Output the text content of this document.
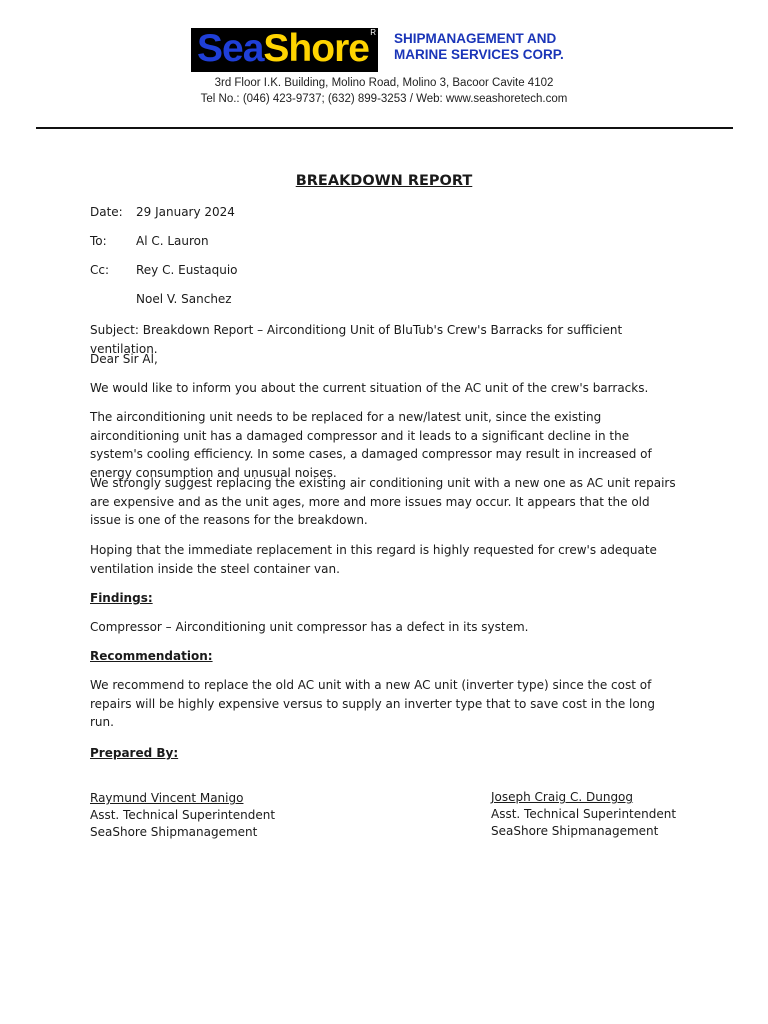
SeaShore R SHIPMANAGEMENT AND
MARINE SERVICES CORP.
3rd Floor I.K. Building, Molino Road, Molino 3, Bacoor Cavite 4102
Tel No.: (046) 423-9737; (632) 899-3253 / Web: www.seashoretech.com
BREAKDOWN REPORT
Date: 29 January 2024
To: Al C. Lauron
Cc: Rey C. Eustaquio
Noel V. Sanchez
Subject: Breakdown Report – Airconditiong Unit of BluTub's Crew's Barracks for sufficient ventilation.
Dear Sir Al,
We would like to inform you about the current situation of the AC unit of the crew's barracks.
The airconditioning unit needs to be replaced for a new/latest unit, since the existing airconditioning unit has a damaged compressor and it leads to a significant decline in the system's cooling efficiency. In some cases, a damaged compressor may result in increased of energy consumption and unusual noises.
We strongly suggest replacing the existing air conditioning unit with a new one as AC unit repairs are expensive and as the unit ages, more and more issues may occur. It appears that the old issue is one of the reasons for the breakdown.
Hoping that the immediate replacement in this regard is highly requested for crew's adequate ventilation inside the steel container van.
Findings:
Compressor – Airconditioning unit compressor has a defect in its system.
Recommendation:
We recommend to replace the old AC unit with a new AC unit (inverter type) since the cost of repairs will be highly expensive versus to supply an inverter type that to save cost in the long run.
Prepared By:
Raymund Vincent Manigo
Asst. Technical Superintendent
SeaShore Shipmanagement
Joseph Craig C. Dungog
Asst. Technical Superintendent
SeaShore Shipmanagement
